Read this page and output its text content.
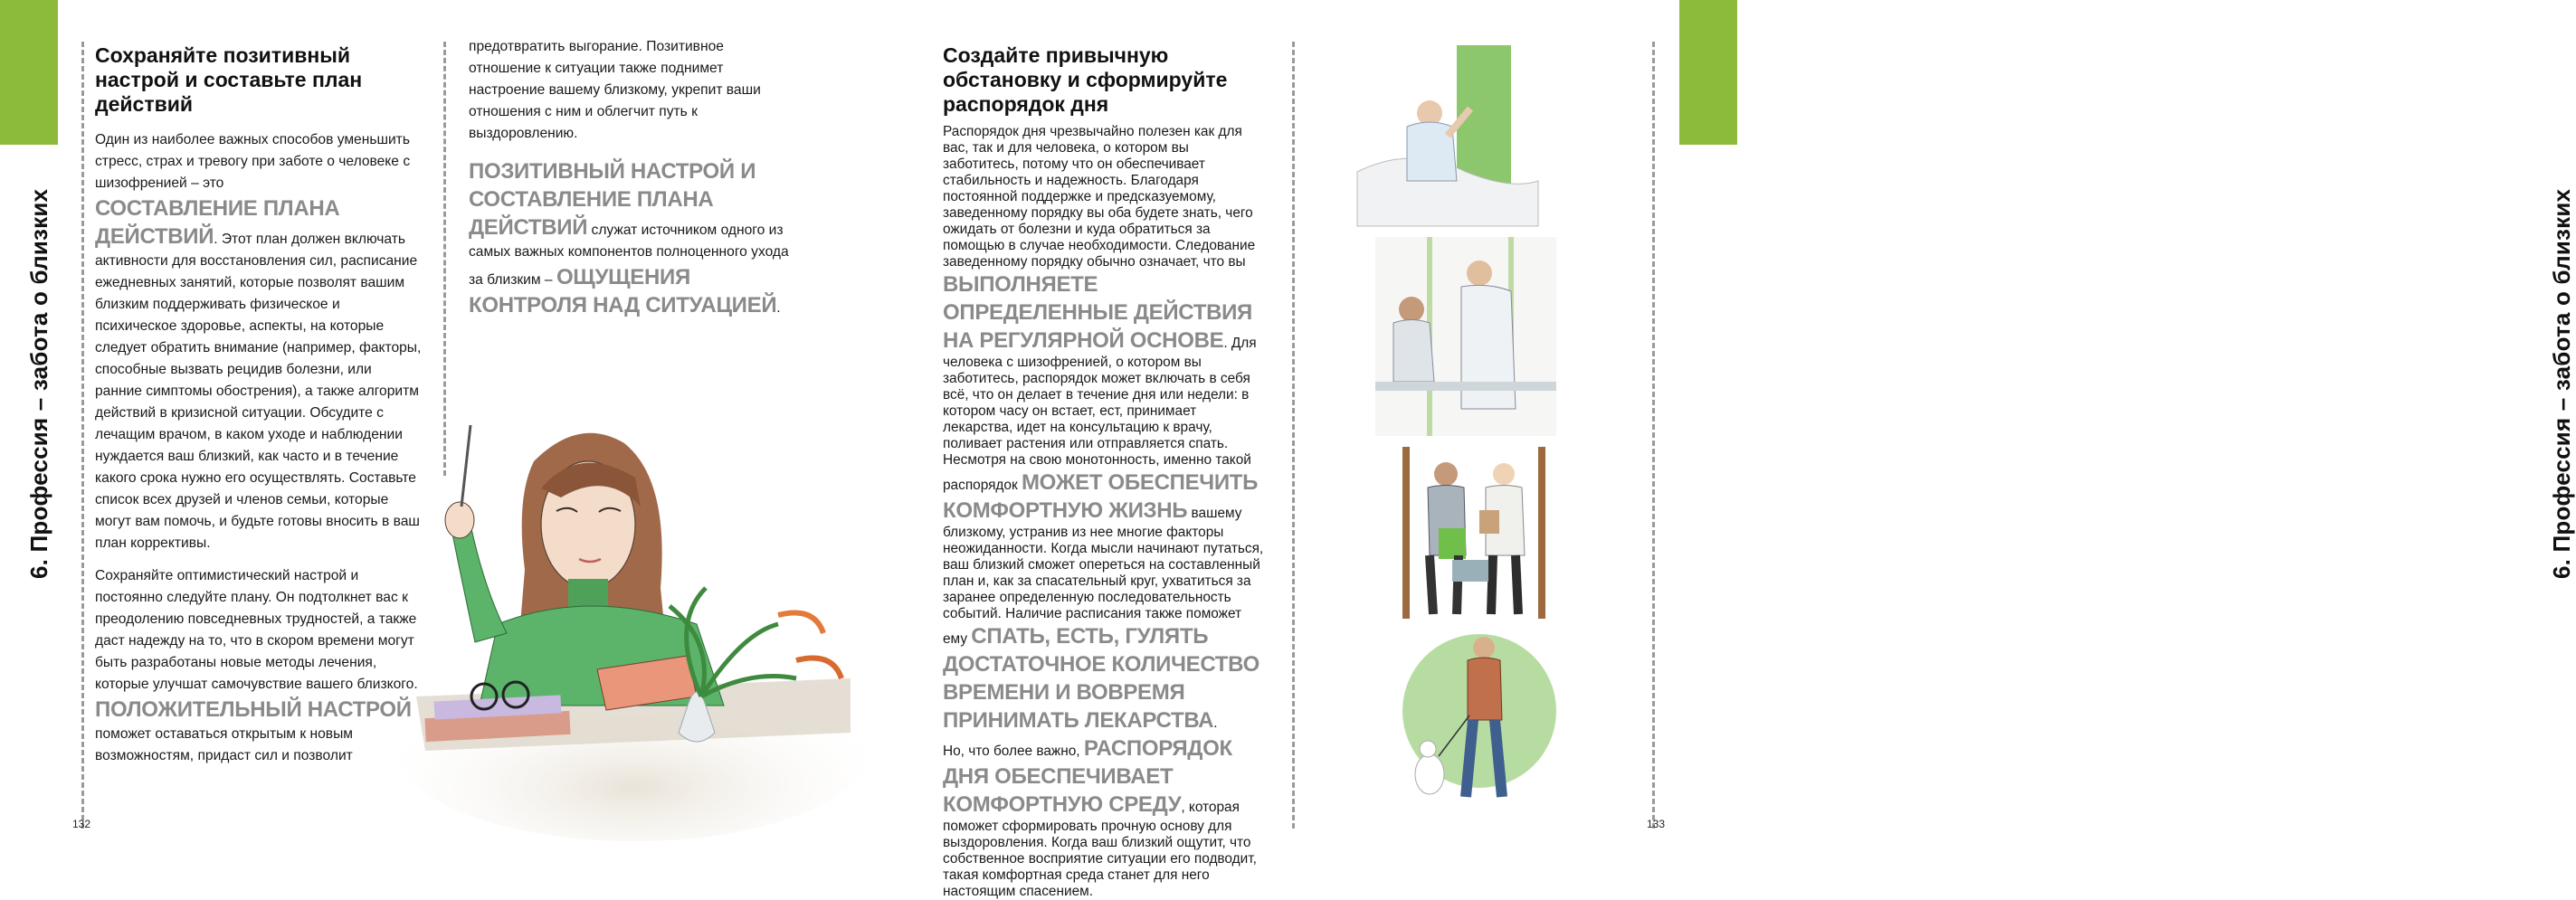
6. Профессия – забота о близких
Сохраняйте позитивный настрой и составьте план действий

Один из наиболее важных способов уменьшить стресс, страх и тревогу при заботе о человеке с шизофренией – это
СОСТАВЛЕНИЕ ПЛАНА ДЕЙСТВИЙ. Этот план должен включать активности для восстановления сил, расписание ежедневных занятий, которые позволят вашим близким поддерживать физическое и психическое здоровье, аспекты, на которые следует обратить внимание (например, факторы, способные вызвать рецидив болезни, или ранние симптомы обострения), а также алгоритм действий в кризисной ситуации. Обсудите с лечащим врачом, в каком уходе и наблюдении нуждается ваш близкий, как часто и в течение какого срока нужно его осуществлять. Составьте список всех друзей и членов семьи, которые могут вам помочь, и будьте готовы вносить в ваш план коррективы.

Сохраняйте оптимистический настрой и постоянно следуйте плану. Он подтолкнет вас к преодолению повседневных трудностей, а также даст надежду на то, что в скором времени могут быть разработаны новые методы лечения, которые улучшат самочувствие вашего близкого.
ПОЛОЖИТЕЛЬНЫЙ НАСТРОЙ
поможет оставаться открытым к новым возможностям, придаст сил и позволит

предотвратить выгорание. Позитивное отношение к ситуации также поднимет настроение вашему близкому, укрепит ваши отношения с ним и облегчит путь к выздоровлению.

ПОЗИТИВНЫЙ НАСТРОЙ И СОСТАВЛЕНИЕ ПЛАНА ДЕЙСТВИЙ служат источником одного из самых важных компонентов полноценного ухода за близким – ОЩУЩЕНИЯ КОНТРОЛЯ НАД СИТУАЦИЕЙ.

132
6. Профессия – забота о близких
Создайте привычную обстановку и сформируйте распорядок дня

Распорядок дня чрезвычайно полезен как для вас, так и для человека, о котором вы заботитесь, потому что он обеспечивает стабильность и надежность. Благодаря постоянной поддержке и предсказуемому, заведенному порядку вы оба будете знать, чего ожидать от болезни и куда обратиться за помощью в случае необходимости. Следование заведенному порядку обычно означает, что вы ВЫПОЛНЯЕТЕ ОПРЕДЕЛЕННЫЕ ДЕЙСТВИЯ НА РЕГУЛЯРНОЙ ОСНОВЕ. Для человека с шизофренией, о котором вы заботитесь, распорядок может включать в себя всё, что он делает в течение дня или недели: в котором часу он встает, ест, принимает лекарства, идет на консультацию к врачу, поливает растения или отправляется спать.
Несмотря на свою монотонность, именно такой распорядок МОЖЕТ ОБЕСПЕЧИТЬ КОМФОРТНУЮ ЖИЗНЬ вашему близкому, устранив из нее многие факторы неожиданности. Когда мысли начинают путаться, ваш близкий сможет опереться на составленный план и, как за спасательный круг, ухватиться за заранее определенную последовательность событий. Наличие расписания также поможет ему СПАТЬ, ЕСТЬ, ГУЛЯТЬ ДОСТАТОЧНОЕ КОЛИЧЕСТВО ВРЕМЕНИ И ВОВРЕМЯ ПРИНИМАТЬ ЛЕКАРСТВА.
Но, что более важно, РАСПОРЯДОК ДНЯ ОБЕСПЕЧИВАЕТ КОМФОРТНУЮ СРЕДУ, которая поможет сформировать прочную основу для выздоровления. Когда ваш близкий ощутит, что собственное восприятие ситуации его подводит, такая комфортная среда станет для него настоящим спасением.

133
